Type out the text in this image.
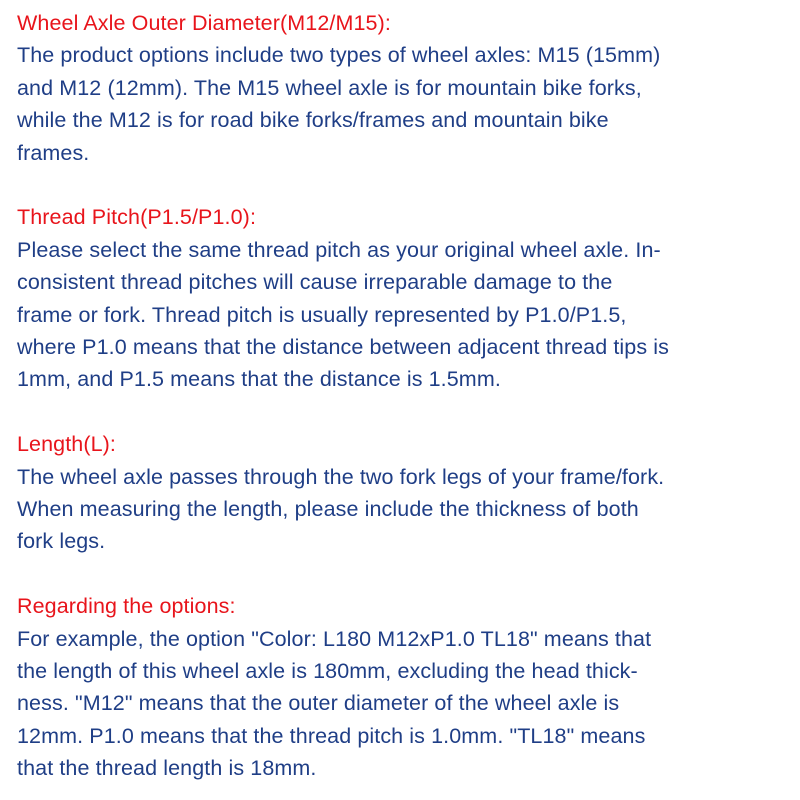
Wheel Axle Outer Diameter(M12/M15):

The product options include two types of wheel axles: M15 (15mm)

and M12 (12mm). The M15 wheel axle is for mountain bike forks,

while the M12 is for road bike forks/frames and mountain bike

frames.

Thread Pitch(P1.5/P1.0):

Please select the same thread pitch as your original wheel axle. In-

consistent thread pitches will cause irreparable damage to the

frame or fork. Thread pitch is usually represented by P1.0/P1.5,

where P1.0 means that the distance between adjacent thread tips is

1mm, and P1.5 means that the distance is 1.5mm.

Length(L):

The wheel axle passes through the two fork legs of your frame/fork.

When measuring the length, please include the thickness of both

fork legs.

Regarding the options:

For example, the option "Color: L180 M12xP1.0 TL18" means that

the length of this wheel axle is 180mm, excluding the head thick-

ness. "M12" means that the outer diameter of the wheel axle is

12mm. P1.0 means that the thread pitch is 1.0mm. "TL18" means

that the thread length is 18mm.
